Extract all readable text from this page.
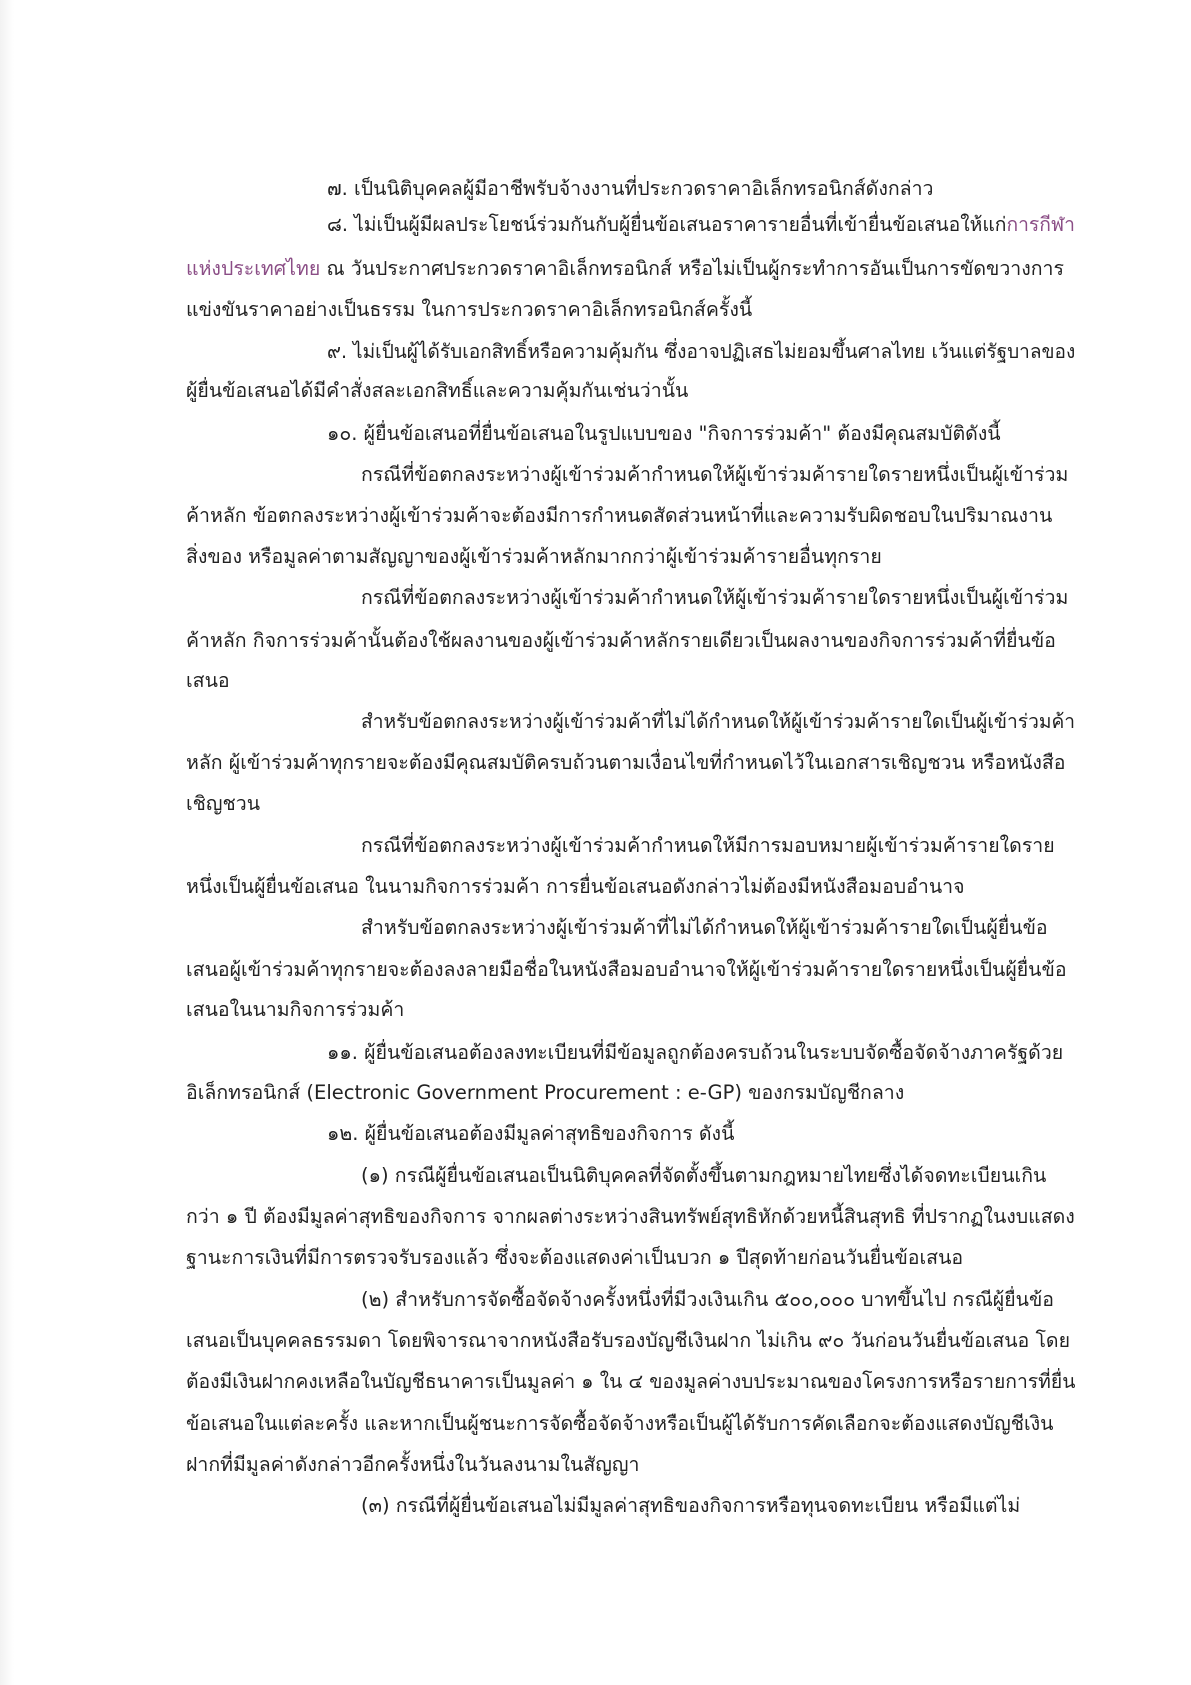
๗. เป็นนิติบุคคลผู้มีอาชีพรับจ้างงานที่ประกวดราคาอิเล็กทรอนิกส์ดังกล่าว
๘. ไม่เป็นผู้มีผลประโยชน์ร่วมกันกับผู้ยื่นข้อเสนอราคารายอื่นที่เข้ายื่นข้อเสนอให้แก่การกีฬา
แห่งประเทศไทย ณ วันประกาศประกวดราคาอิเล็กทรอนิกส์ หรือไม่เป็นผู้กระทำการอันเป็นการขัดขวางการ
แข่งขันราคาอย่างเป็นธรรม ในการประกวดราคาอิเล็กทรอนิกส์ครั้งนี้
๙. ไม่เป็นผู้ได้รับเอกสิทธิ์หรือความคุ้มกัน ซึ่งอาจปฏิเสธไม่ยอมขึ้นศาลไทย เว้นแต่รัฐบาลของ
ผู้ยื่นข้อเสนอได้มีคำสั่งสละเอกสิทธิ์และความคุ้มกันเช่นว่านั้น
๑๐. ผู้ยื่นข้อเสนอที่ยื่นข้อเสนอในรูปแบบของ "กิจการร่วมค้า" ต้องมีคุณสมบัติดังนี้
กรณีที่ข้อตกลงระหว่างผู้เข้าร่วมค้ากำหนดให้ผู้เข้าร่วมค้ารายใดรายหนึ่งเป็นผู้เข้าร่วม
ค้าหลัก ข้อตกลงระหว่างผู้เข้าร่วมค้าจะต้องมีการกำหนดสัดส่วนหน้าที่และความรับผิดชอบในปริมาณงาน
สิ่งของ หรือมูลค่าตามสัญญาของผู้เข้าร่วมค้าหลักมากกว่าผู้เข้าร่วมค้ารายอื่นทุกราย
กรณีที่ข้อตกลงระหว่างผู้เข้าร่วมค้ากำหนดให้ผู้เข้าร่วมค้ารายใดรายหนึ่งเป็นผู้เข้าร่วม
ค้าหลัก กิจการร่วมค้านั้นต้องใช้ผลงานของผู้เข้าร่วมค้าหลักรายเดียวเป็นผลงานของกิจการร่วมค้าที่ยื่นข้อ
เสนอ
สำหรับข้อตกลงระหว่างผู้เข้าร่วมค้าที่ไม่ได้กำหนดให้ผู้เข้าร่วมค้ารายใดเป็นผู้เข้าร่วมค้า
หลัก ผู้เข้าร่วมค้าทุกรายจะต้องมีคุณสมบัติครบถ้วนตามเงื่อนไขที่กำหนดไว้ในเอกสารเชิญชวน หรือหนังสือ
เชิญชวน
กรณีที่ข้อตกลงระหว่างผู้เข้าร่วมค้ากำหนดให้มีการมอบหมายผู้เข้าร่วมค้ารายใดราย
หนึ่งเป็นผู้ยื่นข้อเสนอ ในนามกิจการร่วมค้า การยื่นข้อเสนอดังกล่าวไม่ต้องมีหนังสือมอบอำนาจ
สำหรับข้อตกลงระหว่างผู้เข้าร่วมค้าที่ไม่ได้กำหนดให้ผู้เข้าร่วมค้ารายใดเป็นผู้ยื่นข้อ
เสนอผู้เข้าร่วมค้าทุกรายจะต้องลงลายมือชื่อในหนังสือมอบอำนาจให้ผู้เข้าร่วมค้ารายใดรายหนึ่งเป็นผู้ยื่นข้อ
เสนอในนามกิจการร่วมค้า
๑๑. ผู้ยื่นข้อเสนอต้องลงทะเบียนที่มีข้อมูลถูกต้องครบถ้วนในระบบจัดซื้อจัดจ้างภาครัฐด้วย
อิเล็กทรอนิกส์ (Electronic Government Procurement : e-GP) ของกรมบัญชีกลาง
๑๒. ผู้ยื่นข้อเสนอต้องมีมูลค่าสุทธิของกิจการ ดังนี้
(๑) กรณีผู้ยื่นข้อเสนอเป็นนิติบุคคลที่จัดตั้งขึ้นตามกฎหมายไทยซึ่งได้จดทะเบียนเกิน
กว่า ๑ ปี ต้องมีมูลค่าสุทธิของกิจการ จากผลต่างระหว่างสินทรัพย์สุทธิหักด้วยหนี้สินสุทธิ ที่ปรากฏในงบแสดง
ฐานะการเงินที่มีการตรวจรับรองแล้ว ซึ่งจะต้องแสดงค่าเป็นบวก ๑ ปีสุดท้ายก่อนวันยื่นข้อเสนอ
(๒) สำหรับการจัดซื้อจัดจ้างครั้งหนึ่งที่มีวงเงินเกิน ๕๐๐,๐๐๐ บาทขึ้นไป กรณีผู้ยื่นข้อ
เสนอเป็นบุคคลธรรมดา โดยพิจารณาจากหนังสือรับรองบัญชีเงินฝาก ไม่เกิน ๙๐ วันก่อนวันยื่นข้อเสนอ โดย
ต้องมีเงินฝากคงเหลือในบัญชีธนาคารเป็นมูลค่า ๑ ใน ๔ ของมูลค่างบประมาณของโครงการหรือรายการที่ยื่น
ข้อเสนอในแต่ละครั้ง และหากเป็นผู้ชนะการจัดซื้อจัดจ้างหรือเป็นผู้ได้รับการคัดเลือกจะต้องแสดงบัญชีเงิน
ฝากที่มีมูลค่าดังกล่าวอีกครั้งหนึ่งในวันลงนามในสัญญา
(๓) กรณีที่ผู้ยื่นข้อเสนอไม่มีมูลค่าสุทธิของกิจการหรือทุนจดทะเบียน หรือมีแต่ไม่
